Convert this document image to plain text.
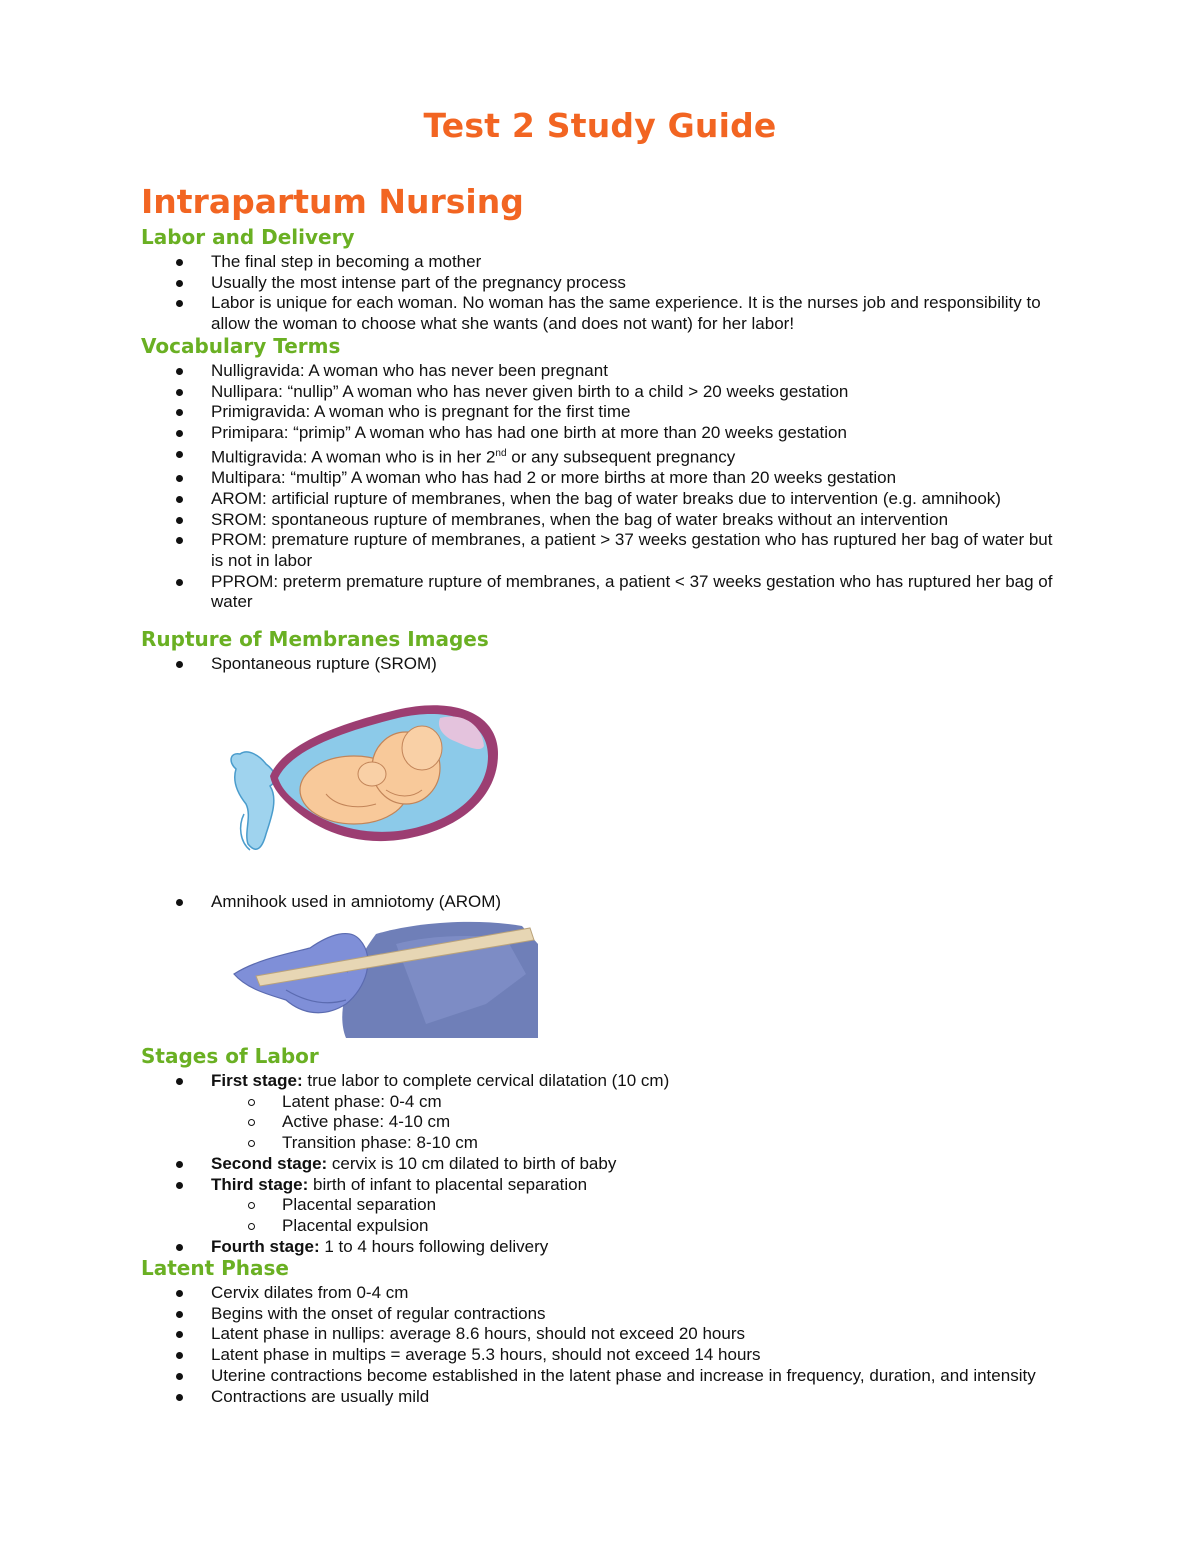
Test 2 Study Guide
Intrapartum Nursing
Labor and Delivery
The final step in becoming a mother
Usually the most intense part of the pregnancy process
Labor is unique for each woman. No woman has the same experience. It is the nurses job and responsibility to allow the woman to choose what she wants (and does not want) for her labor!
Vocabulary Terms
Nulligravida: A woman who has never been pregnant
Nullipara: “nullip” A woman who has never given birth to a child > 20 weeks gestation
Primigravida: A woman who is pregnant for the first time
Primipara: “primip” A woman who has had one birth at more than 20 weeks gestation
Multigravida: A woman who is in her 2nd or any subsequent pregnancy
Multipara: “multip” A woman who has had 2 or more births at more than 20 weeks gestation
AROM: artificial rupture of membranes, when the bag of water breaks due to intervention (e.g. amnihook)
SROM: spontaneous rupture of membranes, when the bag of water breaks without an intervention
PROM: premature rupture of membranes, a patient > 37 weeks gestation who has ruptured her bag of water but is not in labor
PPROM: preterm premature rupture of membranes, a patient < 37 weeks gestation who has ruptured her bag of water
Rupture of Membranes Images
Spontaneous rupture (SROM)
Amnihook used in amniotomy (AROM)
Stages of Labor
First stage: true labor to complete cervical dilatation (10 cm)
Latent phase: 0-4 cm
Active phase: 4-10 cm
Transition phase: 8-10 cm
Second stage: cervix is 10 cm dilated to birth of baby
Third stage: birth of infant to placental separation
Placental separation
Placental expulsion
Fourth stage: 1 to 4 hours following delivery
Latent Phase
Cervix dilates from 0-4 cm
Begins with the onset of regular contractions
Latent phase in nullips: average 8.6 hours, should not exceed 20 hours
Latent phase in multips = average 5.3 hours, should not exceed 14 hours
Uterine contractions become established in the latent phase and increase in frequency, duration, and intensity
Contractions are usually mild
